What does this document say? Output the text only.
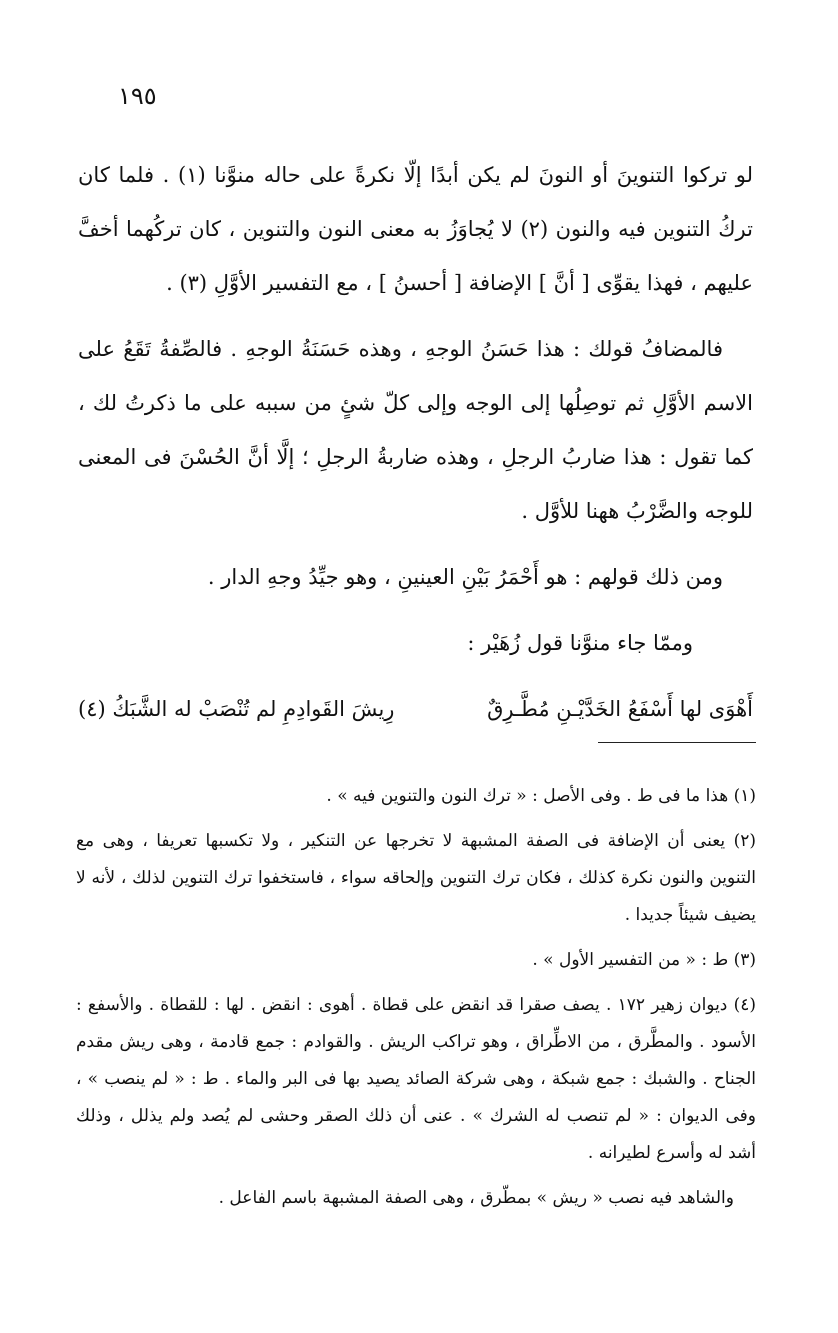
١٩٥

لو تركوا التنوينَ أو النونَ لم يكن أبدًا إلّا نكرةً على حاله منوَّنا (١) . فلما كان تركُ التنوين فيه والنون (٢) لا يُجاوَزُ به معنى النون والتنوين ، كان تركُهما أخفَّ عليهم ، فهذا يقوِّى [ أنَّ ] الإضافة [ أحسنُ ] ، مع التفسير الأوَّلِ (٣) .

فالمضافُ قولك : هذا حَسَنُ الوجهِ ، وهذه حَسَنَةُ الوجهِ . فالصِّفةُ تَقَعُ على الاسم الأوَّلِ ثم توصِلُها إلى الوجه وإلى كلّ شئٍ من سببه على ما ذكرتُ لك ، كما تقول : هذا ضاربُ الرجلِ ، وهذه ضاربةُ الرجلِ ؛ إلَّا أنَّ الحُسْنَ فى المعنى للوجه والضَّرْبُ ههنا للأوَّل .

ومن ذلك قولهم : هو أَحْمَرُ بَيْنِ العينينِ ، وهو جيِّدُ وجهِ الدار .

وممّا جاء منوَّنا قول زُهَيْر :

أَهْوَى لها أَسْفَعُ الخَدَّيْـنِ مُطَّـرِقٌ
رِيشَ القَوادِمِ لم تُنْصَبْ له الشَّبَكُ (٤)

(١) هذا ما فى ط . وفى الأصل : « ترك النون والتنوين فيه » .

(٢) يعنى أن الإضافة فى الصفة المشبهة لا تخرجها عن التنكير ، ولا تكسبها تعريفا ، وهى مع التنوين والنون نكرة كذلك ، فكان ترك التنوين وإلحاقه سواء ، فاستخفوا ترك التنوين لذلك ، لأنه لا يضيف شيئاً جديدا .

(٣) ط : « من التفسير الأول » .

(٤) ديوان زهير ١٧٢ . يصف صقرا قد انقض على قطاة . أهوى : انقض . لها : للقطاة . والأسفع : الأسود . والمطَّرق ، من الاطِّراق ، وهو تراكب الريش . والقوادم : جمع قادمة ، وهى ريش مقدم الجناح . والشبك : جمع شبكة ، وهى شركة الصائد يصيد بها فى البر والماء . ط : « لم ينصب » ، وفى الديوان : « لم تنصب له الشرك » . عنى أن ذلك الصقر وحشى لم يُصد ولم يذلل ، وذلك أشد له وأسرع لطيرانه .

والشاهد فيه نصب « ريش » بمطّرق ، وهى الصفة المشبهة باسم الفاعل .
